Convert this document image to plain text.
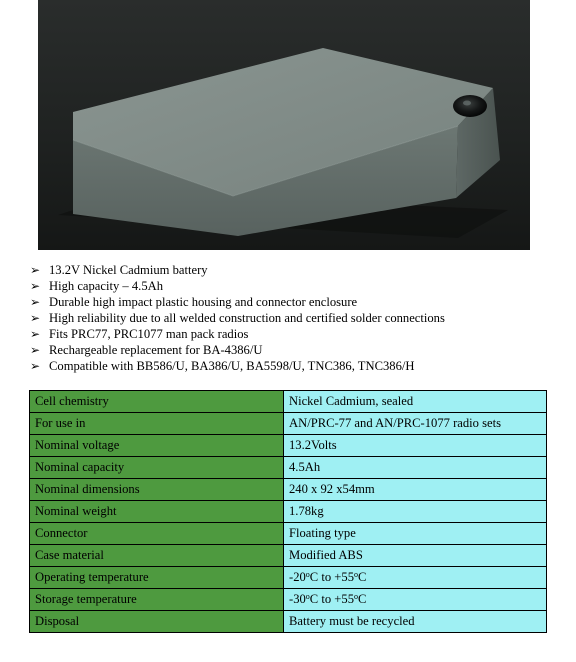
➢ 13.2V Nickel Cadmium battery
➢ High capacity – 4.5Ah
➢ Durable high impact plastic housing and connector enclosure
➢ High reliability due to all welded construction and certified solder connections
➢ Fits PRC77, PRC1077 man pack radios
➢ Rechargeable replacement for BA-4386/U
➢ Compatible with BB586/U, BA386/U, BA5598/U, TNC386, TNC386/H
Cell chemistry	Nickel Cadmium, sealed
For use in	AN/PRC-77 and AN/PRC-1077 radio sets
Nominal voltage	13.2Volts
Nominal capacity	4.5Ah
Nominal dimensions	240 x 92 x54mm
Nominal weight	1.78kg
Connector	Floating type
Case material	Modified ABS
Operating temperature	-20$^o$C to $+55^oC$
Storage temperature	-30$^o$C to $+55^oC$
Disposal	Battery must be recycled
